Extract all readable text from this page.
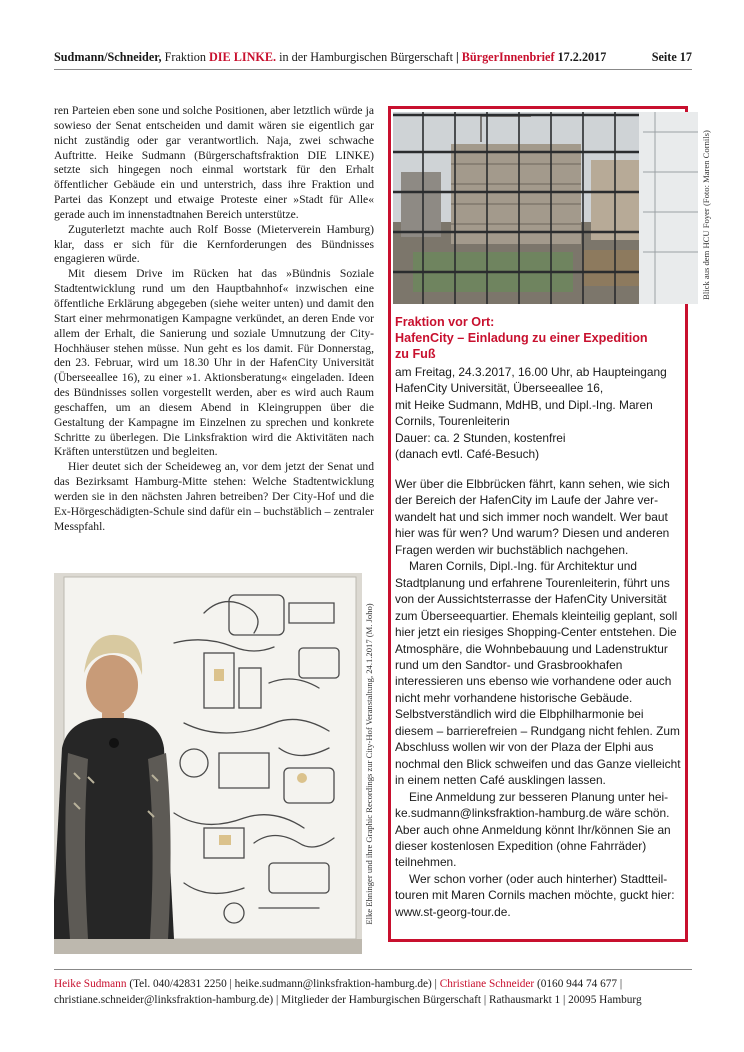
Sudmann/Schneider, Fraktion DIE LINKE. in der Hamburgischen Bürgerschaft | BürgerInnenbrief 17.2.2017	Seite 17

ren Parteien eben sone und solche Positionen, aber letztlich würde ja sowieso der Senat entscheiden und damit wären sie eigentlich gar nicht zuständig oder gar verantwortlich. Naja, zwei schwache Auftritte. Heike Sudmann (Bürgerschaftsfraktion DIE LINKE) setzte sich hingegen noch einmal wortstark für den Erhalt öffentlicher Gebäude ein und unterstrich, dass ihre Fraktion und Partei das Konzept und etwaige Proteste einer »Stadt für Alle« gerade auch im innenstadtnahen Bereich unterstütze.

Zuguterletzt machte auch Rolf Bosse (Mieterverein Hamburg) klar, dass er sich für die Kernforderungen des Bündnisses engagieren würde.

Mit diesem Drive im Rücken hat das »Bündnis Soziale Stadtentwicklung rund um den Hauptbahnhof« inzwischen eine öffentliche Erklärung abgegeben (siehe weiter unten) und damit den Start einer mehrmonatigen Kampagne verkündet, an deren Ende vor allem der Erhalt, die Sanierung und soziale Umnutzung der City-Hochhäuser stehen müsse. Nun geht es los damit. Für Donnerstag, den 23. Februar, wird um 18.30 Uhr in der HafenCity Universität (Überseeallee 16), zu einer »1. Aktionsberatung« eingeladen. Ideen des Bündnisses sollen vorgestellt werden, aber es wird auch Raum geschaffen, um an diesem Abend in Kleingruppen über die Gestaltung der Kampagne im Einzelnen zu sprechen und konkrete Schritte zu überlegen. Die Linksfraktion wird die Aktivitäten nach Kräften unterstützen und begleiten.

Hier deutet sich der Scheideweg an, vor dem jetzt der Senat und das Bezirksamt Hamburg-Mitte stehen: Welche Stadtentwicklung werden sie in den nächsten Jahren betreiben? Der City-Hof und die Ex-Hörgeschädigten-Schule sind dafür ein – buchstäblich – zentraler Messpfahl.

Elke Ehninger und ihre Graphic Recordings zur City-Hof Veranstaltung, 24.1.2017 (M. Joho)
Blick aus dem HCU Foyer (Foto: Maren Cornils)
Fraktion vor Ort:
HafenCity – Einladung zu einer Expedition
zu Fuß

am Freitag, 24.3.2017, 16.00 Uhr, ab Haupteingang

HafenCity Universität, Überseeallee 16,

mit Heike Sudmann, MdHB, und Dipl.-Ing. Maren

Cornils, Tourenleiterin

Dauer: ca. 2 Stunden, kostenfrei

(danach evtl. Café-Besuch)

Wer über die Elbbrücken fährt, kann sehen, wie sich der Bereich der HafenCity im Laufe der Jahre verwandelt hat und sich immer noch wandelt. Wer baut hier was für wen? Und warum? Diesen und anderen Fragen werden wir buchstäblich nachgehen.

Maren Cornils, Dipl.-Ing. für Architektur und Stadtplanung und erfahrene Tourenleiterin, führt uns von der Aussichtsterrasse der HafenCity Universität zum Überseequartier. Ehemals kleinteilig geplant, soll hier jetzt ein riesiges Shopping-Center entstehen. Die Atmosphäre, die Wohnbebauung und Ladenstruktur rund um den Sandtor- und Grasbrookhafen interessieren uns ebenso wie vorhandene oder auch nicht mehr vorhandene historische Gebäude. Selbstverständlich wird die Elbphilharmonie bei diesem – barrierefreien – Rundgang nicht fehlen. Zum Abschluss wollen wir von der Plaza der Elphi aus nochmal den Blick schweifen und das Ganze vielleicht in einem netten Café ausklingen lassen.

Eine Anmeldung zur besseren Planung unter heike.sudmann@linksfraktion-hamburg.de wäre schön. Aber auch ohne Anmeldung könnt Ihr/können Sie an dieser kostenlosen Expedition (ohne Fahrräder) teilnehmen.

Wer schon vorher (oder auch hinterher) Stadtteiltouren mit Maren Cornils machen möchte, guckt hier: www.st-georg-tour.de.

Heike Sudmann (Tel. 040/42831 2250 | heike.sudmann@linksfraktion-hamburg.de) | Christiane Schneider (0160 944 74 677 |
christiane.schneider@linksfraktion-hamburg.de) | Mitglieder der Hamburgischen Bürgerschaft | Rathausmarkt 1 | 20095 Hamburg
